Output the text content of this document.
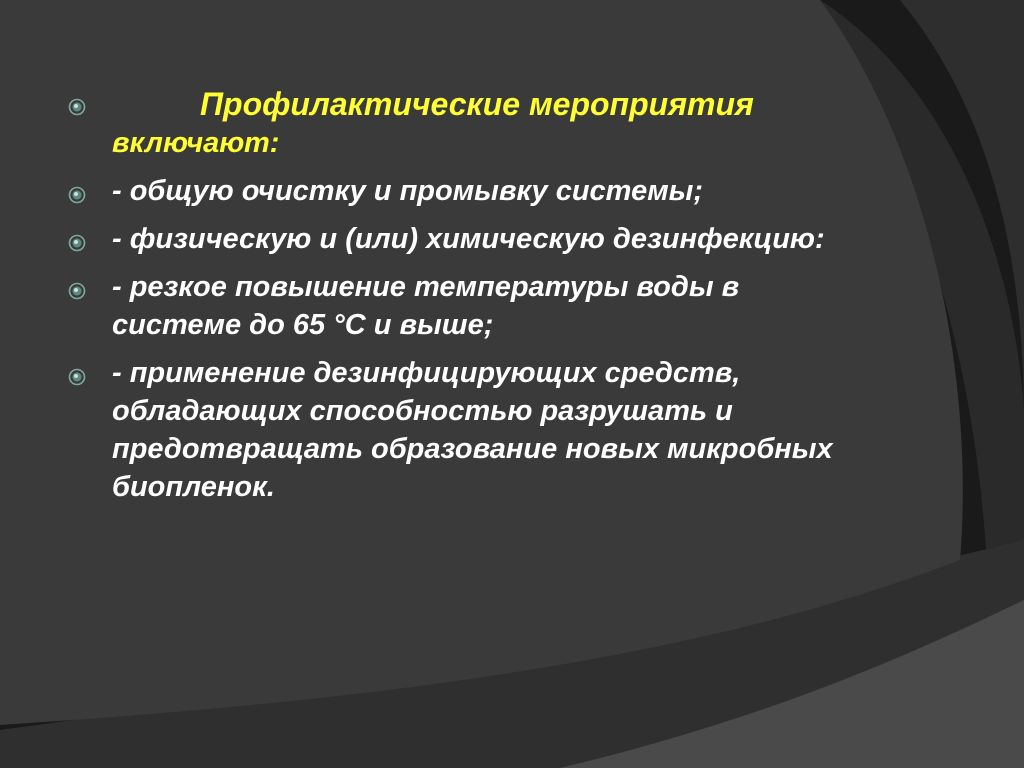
Профилактические мероприятия
включают:
- общую очистку и промывку системы;
- физическую и (или) химическую дезинфекцию:
- резкое повышение температуры воды в системе до 65 °С и выше;
- применение дезинфицирующих средств, обладающих способностью разрушать и предотвращать образование новых микробных биопленок.
